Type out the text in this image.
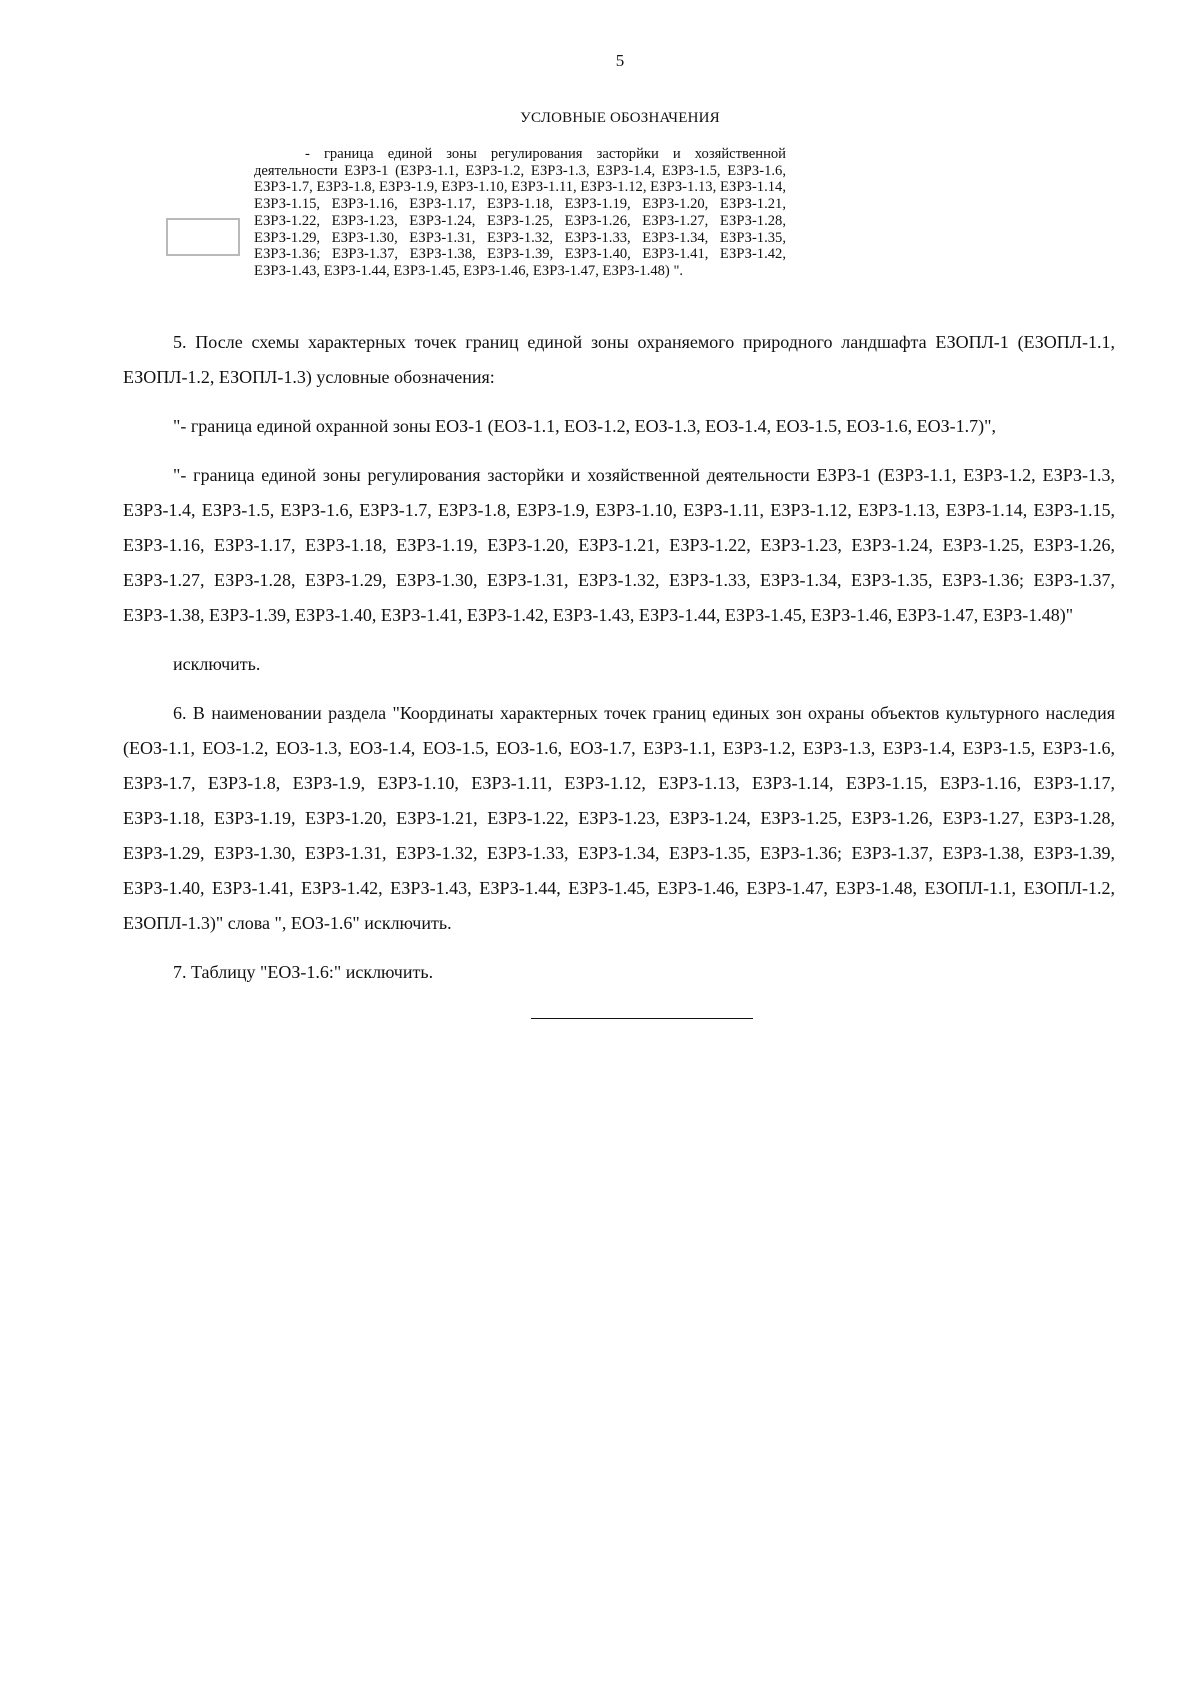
5
УСЛОВНЫЕ ОБОЗНАЧЕНИЯ
- граница единой зоны регулирования засторйки и хозяйственной деятельности ЕЗРЗ-1 (ЕЗРЗ-1.1, ЕЗРЗ-1.2, ЕЗРЗ-1.3, ЕЗРЗ-1.4, ЕЗРЗ-1.5, ЕЗРЗ-1.6, ЕЗРЗ-1.7, ЕЗРЗ-1.8, ЕЗРЗ-1.9, ЕЗРЗ-1.10, ЕЗРЗ-1.11, ЕЗРЗ-1.12, ЕЗРЗ-1.13, ЕЗРЗ-1.14, ЕЗРЗ-1.15, ЕЗРЗ-1.16, ЕЗРЗ-1.17, ЕЗРЗ-1.18, ЕЗРЗ-1.19, ЕЗРЗ-1.20, ЕЗРЗ-1.21, ЕЗРЗ-1.22, ЕЗРЗ-1.23, ЕЗРЗ-1.24, ЕЗРЗ-1.25, ЕЗРЗ-1.26, ЕЗРЗ-1.27, ЕЗРЗ-1.28, ЕЗРЗ-1.29, ЕЗРЗ-1.30, ЕЗРЗ-1.31, ЕЗРЗ-1.32, ЕЗРЗ-1.33, ЕЗРЗ-1.34, ЕЗРЗ-1.35, ЕЗРЗ-1.36; ЕЗРЗ-1.37, ЕЗРЗ-1.38, ЕЗРЗ-1.39, ЕЗРЗ-1.40, ЕЗРЗ-1.41, ЕЗРЗ-1.42, ЕЗРЗ-1.43, ЕЗРЗ-1.44, ЕЗРЗ-1.45, ЕЗРЗ-1.46, ЕЗРЗ-1.47, ЕЗРЗ-1.48) ".

5. После схемы характерных точек границ единой зоны охраняемого природного ландшафта ЕЗОПЛ-1 (ЕЗОПЛ-1.1, ЕЗОПЛ-1.2, ЕЗОПЛ-1.3) условные обозначения:

"- граница единой охранной зоны ЕОЗ-1 (ЕОЗ-1.1, ЕОЗ-1.2, ЕОЗ-1.3, ЕОЗ-1.4, ЕОЗ-1.5, ЕОЗ-1.6, ЕОЗ-1.7)",

"- граница единой зоны регулирования засторйки и хозяйственной деятельности ЕЗРЗ-1 (ЕЗРЗ-1.1, ЕЗРЗ-1.2, ЕЗРЗ-1.3, ЕЗРЗ-1.4, ЕЗРЗ-1.5, ЕЗРЗ-1.6, ЕЗРЗ-1.7, ЕЗРЗ-1.8, ЕЗРЗ-1.9, ЕЗРЗ-1.10, ЕЗРЗ-1.11, ЕЗРЗ-1.12, ЕЗРЗ-1.13, ЕЗРЗ-1.14, ЕЗРЗ-1.15, ЕЗРЗ-1.16, ЕЗРЗ-1.17, ЕЗРЗ-1.18, ЕЗРЗ-1.19, ЕЗРЗ-1.20, ЕЗРЗ-1.21, ЕЗРЗ-1.22, ЕЗРЗ-1.23, ЕЗРЗ-1.24, ЕЗРЗ-1.25, ЕЗРЗ-1.26, ЕЗРЗ-1.27, ЕЗРЗ-1.28, ЕЗРЗ-1.29, ЕЗРЗ-1.30, ЕЗРЗ-1.31, ЕЗРЗ-1.32, ЕЗРЗ-1.33, ЕЗРЗ-1.34, ЕЗРЗ-1.35, ЕЗРЗ-1.36; ЕЗРЗ-1.37, ЕЗРЗ-1.38, ЕЗРЗ-1.39, ЕЗРЗ-1.40, ЕЗРЗ-1.41, ЕЗРЗ-1.42, ЕЗРЗ-1.43, ЕЗРЗ-1.44, ЕЗРЗ-1.45, ЕЗРЗ-1.46, ЕЗРЗ-1.47, ЕЗРЗ-1.48)"

исключить.

6. В наименовании раздела "Координаты характерных точек границ единых зон охраны объектов культурного наследия (ЕОЗ-1.1, ЕОЗ-1.2, ЕОЗ-1.3, ЕОЗ-1.4, ЕОЗ-1.5, ЕОЗ-1.6, ЕОЗ-1.7, ЕЗРЗ-1.1, ЕЗРЗ-1.2, ЕЗРЗ-1.3, ЕЗРЗ-1.4, ЕЗРЗ-1.5, ЕЗРЗ-1.6, ЕЗРЗ-1.7, ЕЗРЗ-1.8, ЕЗРЗ-1.9, ЕЗРЗ-1.10, ЕЗРЗ-1.11, ЕЗРЗ-1.12, ЕЗРЗ-1.13, ЕЗРЗ-1.14, ЕЗРЗ-1.15, ЕЗРЗ-1.16, ЕЗРЗ-1.17, ЕЗРЗ-1.18, ЕЗРЗ-1.19, ЕЗРЗ-1.20, ЕЗРЗ-1.21, ЕЗРЗ-1.22, ЕЗРЗ-1.23, ЕЗРЗ-1.24, ЕЗРЗ-1.25, ЕЗРЗ-1.26, ЕЗРЗ-1.27, ЕЗРЗ-1.28, ЕЗРЗ-1.29, ЕЗРЗ-1.30, ЕЗРЗ-1.31, ЕЗРЗ-1.32, ЕЗРЗ-1.33, ЕЗРЗ-1.34, ЕЗРЗ-1.35, ЕЗРЗ-1.36; ЕЗРЗ-1.37, ЕЗРЗ-1.38, ЕЗРЗ-1.39, ЕЗРЗ-1.40, ЕЗРЗ-1.41, ЕЗРЗ-1.42, ЕЗРЗ-1.43, ЕЗРЗ-1.44, ЕЗРЗ-1.45, ЕЗРЗ-1.46, ЕЗРЗ-1.47, ЕЗРЗ-1.48, ЕЗОПЛ-1.1, ЕЗОПЛ-1.2, ЕЗОПЛ-1.3)" слова ", ЕОЗ-1.6" исключить.

7. Таблицу "ЕОЗ-1.6:" исключить.
